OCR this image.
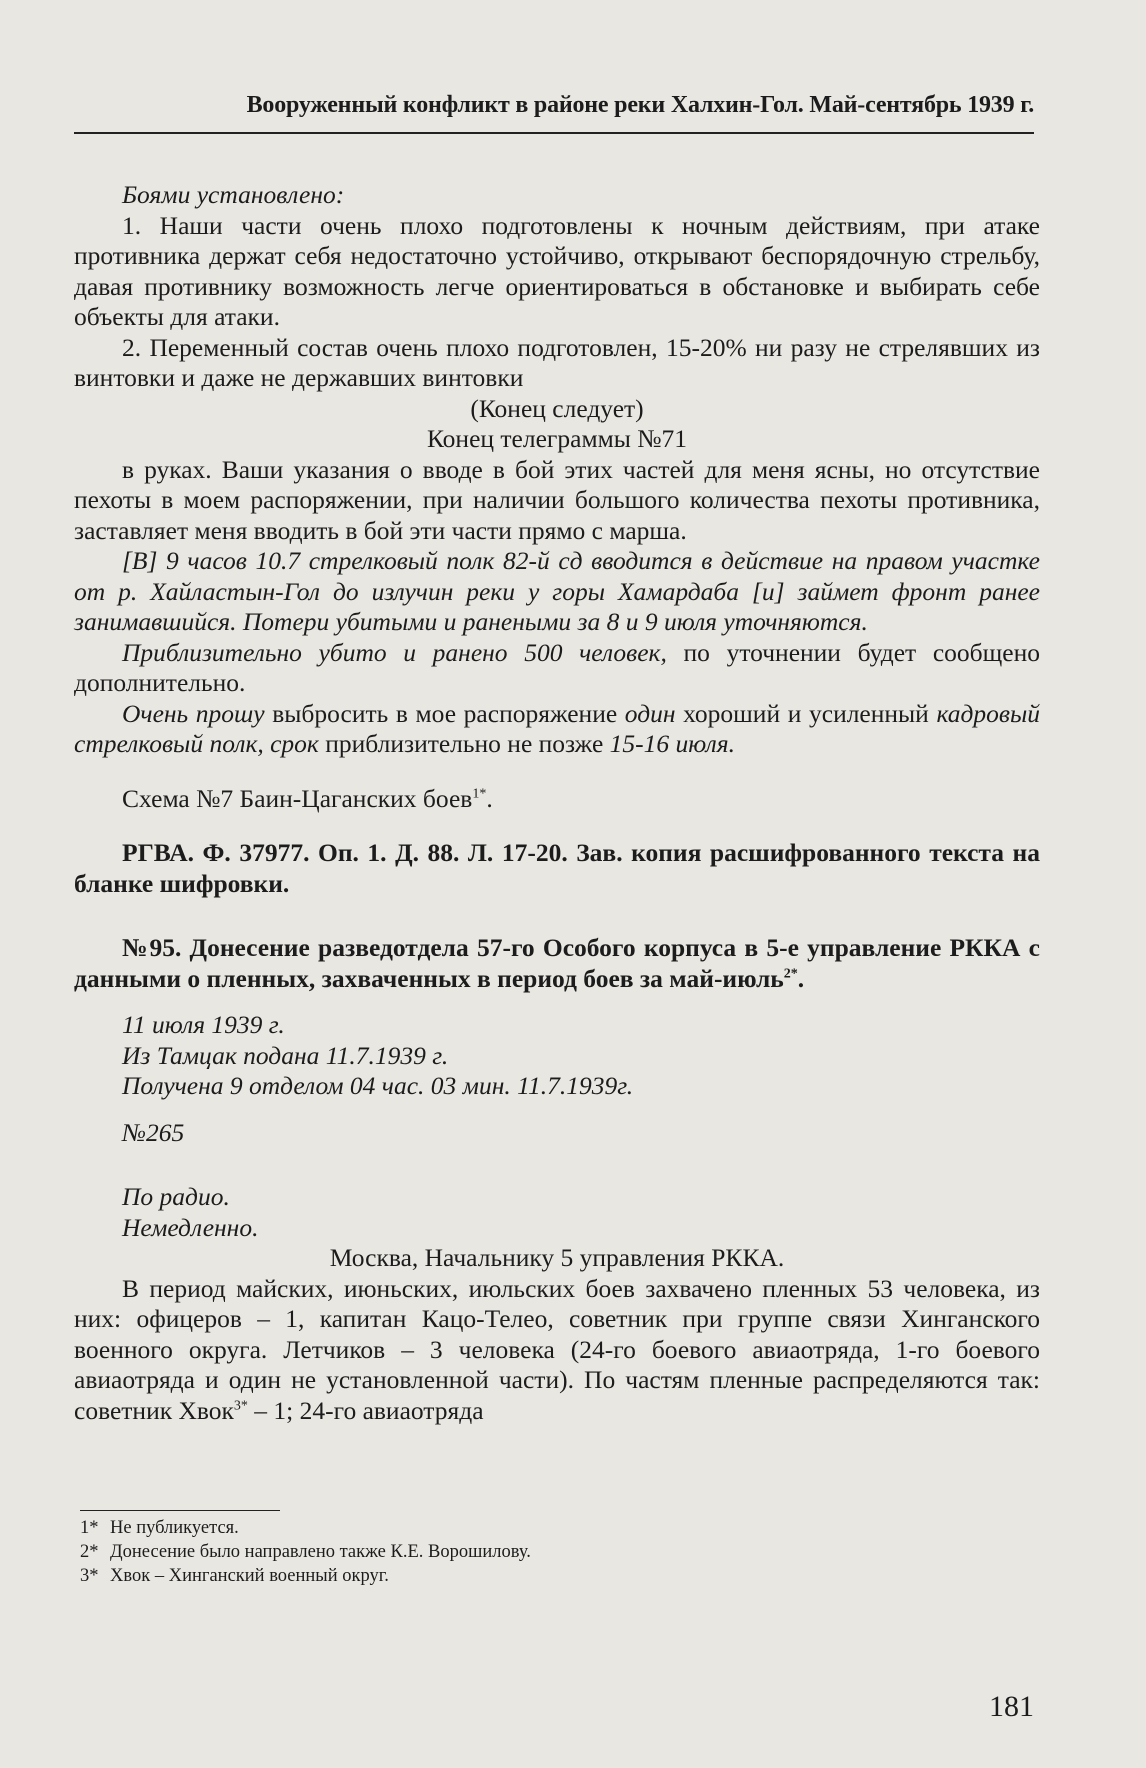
Вооруженный конфликт в районе реки Халхин-Гол. Май-сентябрь 1939 г.

Боями установлено:

1. Наши части очень плохо подготовлены к ночным действиям, при атаке противника держат себя недостаточно устойчиво, открывают беспорядочную стрельбу, давая противнику возможность легче ориентироваться в обстановке и выбирать себе объекты для атаки.

2. Переменный состав очень плохо подготовлен, 15-20% ни разу не стрелявших из винтовки и даже не державших винтовки

(Конец следует)

Конец телеграммы №71

в руках. Ваши указания о вводе в бой этих частей для меня ясны, но отсутствие пехоты в моем распоряжении, при наличии большого количества пехоты противника, заставляет меня вводить в бой эти части прямо с марша.

[В] 9 часов 10.7 стрелковый полк 82-й сд вводится в действие на правом участке от р. Хайластын-Гол до излучин реки у горы Хамардаба [и] займет фронт ранее занимавшийся. Потери убитыми и ранеными за 8 и 9 июля уточняются.

Приблизительно убито и ранено 500 человек, по уточнении будет сообщено дополнительно.

Очень прошу выбросить в мое распоряжение один хороший и усиленный кадровый стрелковый полк, срок приблизительно не позже 15-16 июля.

Схема №7 Баин-Цаганских боев$^{1*}$.

РГВА. Ф. 37977. Оп. 1. Д. 88. Л. 17-20. Зав. копия расшифрованного текста на бланке шифровки.

№95. Донесение разведотдела 57-го Особого корпуса в 5-е управление РККА с данными о пленных, захваченных в период боев за май-июль$^{2*}$.

11 июля 1939 г.

Из Тамцак подана 11.7.1939 г.

Получена 9 отделом 04 час. 03 мин. 11.7.1939г.

№265

По радио.

Немедленно.

Москва, Начальнику 5 управления РККА.

В период майских, июньских, июльских боев захвачено пленных 53 человека, из них: офицеров – 1, капитан Кацо-Телео, советник при группе связи Хинганского военного округа. Летчиков – 3 человека (24-го боевого авиаотряда, 1-го боевого авиаотряда и один не установленной части). По частям пленные распределяются так: советник Хвок$^{3*}$ – 1; 24-го авиаотряда

1* Не публикуется.
2* Донесение было направлено также К.Е. Ворошилову.
3* Хвок – Хинганский военный округ.
181
